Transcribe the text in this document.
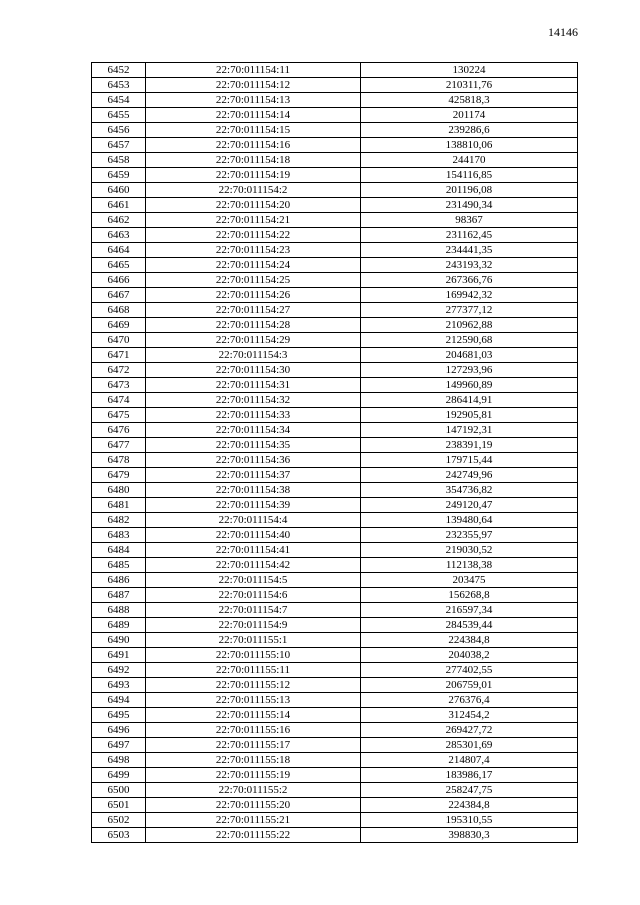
14146
6452	22:70:011154:11	130224
6453	22:70:011154:12	210311,76
6454	22:70:011154:13	425818,3
6455	22:70:011154:14	201174
6456	22:70:011154:15	239286,6
6457	22:70:011154:16	138810,06
6458	22:70:011154:18	244170
6459	22:70:011154:19	154116,85
6460	22:70:011154:2	201196,08
6461	22:70:011154:20	231490,34
6462	22:70:011154:21	98367
6463	22:70:011154:22	231162,45
6464	22:70:011154:23	234441,35
6465	22:70:011154:24	243193,32
6466	22:70:011154:25	267366,76
6467	22:70:011154:26	169942,32
6468	22:70:011154:27	277377,12
6469	22:70:011154:28	210962,88
6470	22:70:011154:29	212590,68
6471	22:70:011154:3	204681,03
6472	22:70:011154:30	127293,96
6473	22:70:011154:31	149960,89
6474	22:70:011154:32	286414,91
6475	22:70:011154:33	192905,81
6476	22:70:011154:34	147192,31
6477	22:70:011154:35	238391,19
6478	22:70:011154:36	179715,44
6479	22:70:011154:37	242749,96
6480	22:70:011154:38	354736,82
6481	22:70:011154:39	249120,47
6482	22:70:011154:4	139480,64
6483	22:70:011154:40	232355,97
6484	22:70:011154:41	219030,52
6485	22:70:011154:42	112138,38
6486	22:70:011154:5	203475
6487	22:70:011154:6	156268,8
6488	22:70:011154:7	216597,34
6489	22:70:011154:9	284539,44
6490	22:70:011155:1	224384,8
6491	22:70:011155:10	204038,2
6492	22:70:011155:11	277402,55
6493	22:70:011155:12	206759,01
6494	22:70:011155:13	276376,4
6495	22:70:011155:14	312454,2
6496	22:70:011155:16	269427,72
6497	22:70:011155:17	285301,69
6498	22:70:011155:18	214807,4
6499	22:70:011155:19	183986,17
6500	22:70:011155:2	258247,75
6501	22:70:011155:20	224384,8
6502	22:70:011155:21	195310,55
6503	22:70:011155:22	398830,3
